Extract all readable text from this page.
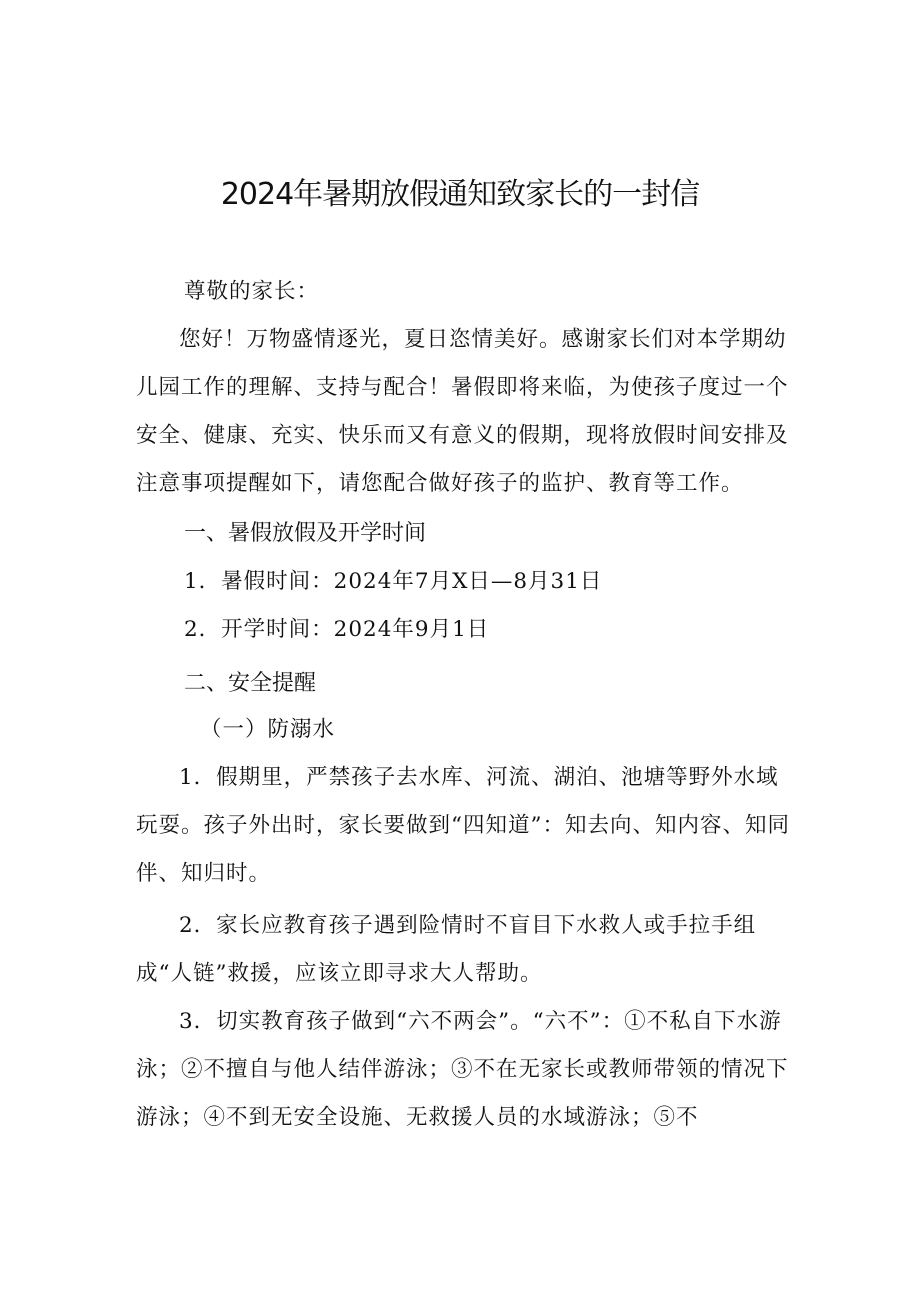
2024年暑期放假通知致家长的一封信

尊敬的家长：

您好！万物盛情逐光，夏日恣情美好。感谢家长们对本学期幼儿园工作的理解、支持与配合！暑假即将来临，为使孩子度过一个安全、健康、充实、快乐而又有意义的假期，现将放假时间安排及注意事项提醒如下，请您配合做好孩子的监护、教育等工作。

一、暑假放假及开学时间

1．暑假时间：2024年7月X日—8月31日

2．开学时间：2024年9月1日

二、安全提醒

（一）防溺水

1．假期里，严禁孩子去水库、河流、湖泊、池塘等野外水域玩耍。孩子外出时，家长要做到“四知道”：知去向、知内容、知同伴、知归时。

2．家长应教育孩子遇到险情时不盲目下水救人或手拉手组成“人链”救援，应该立即寻求大人帮助。

3．切实教育孩子做到“六不两会”。“六不”：①不私自下水游泳；②不擅自与他人结伴游泳；③不在无家长或教师带领的情况下游泳；④不到无安全设施、无救援人员的水域游泳；⑤不
